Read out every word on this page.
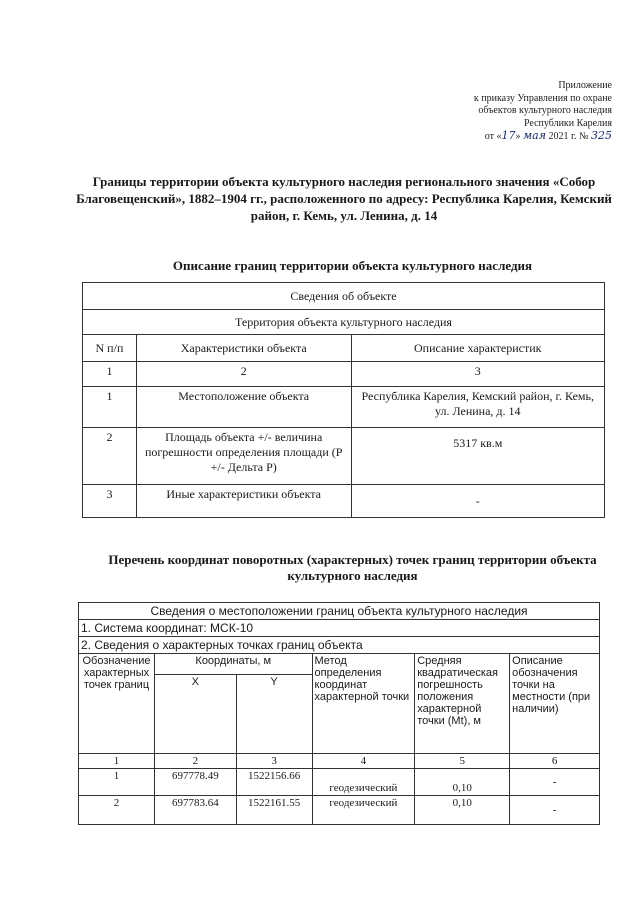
Приложение
к приказу Управления по охране
объектов культурного наследия
Республики Карелия
от «17» мая 2021 г. № 325
Границы территории объекта культурного наследия регионального значения «Собор Благовещенский», 1882–1904 гг., расположенного по адресу: Республика Карелия, Кемский район, г. Кемь, ул. Ленина, д. 14
Описание границ территории объекта культурного наследия
Сведения об объекте		
Территория объекта культурного наследия		
N п/п	Характеристики объекта	Описание характеристик
1	2	3
1	Местоположение объекта	Республика Карелия, Кемский район, г. Кемь, ул. Ленина, д. 14
2	Площадь объекта +/- величина погрешности определения площади (P +/- Дельта P)	5317 кв.м
3	Иные характеристики объекта	-
Перечень координат поворотных (характерных) точек границ территории объекта культурного наследия
Сведения о местоположении границ объекта культурного наследия					
1. Система координат: МСК-10					
2. Сведения о характерных точках границ объекта					
Обозначение характерных точек границ	Координаты, м		Метод определения координат характерной точки	Средняя квадратическая погрешность положения характерной точки (Mt), м	Описание обозначения точки на местности (при наличии)
	X	Y			
1	2	3	4	5	6
1	697778.49	1522156.66	геодезический	0,10	-
2	697783.64	1522161.55	геодезический	0,10	-
